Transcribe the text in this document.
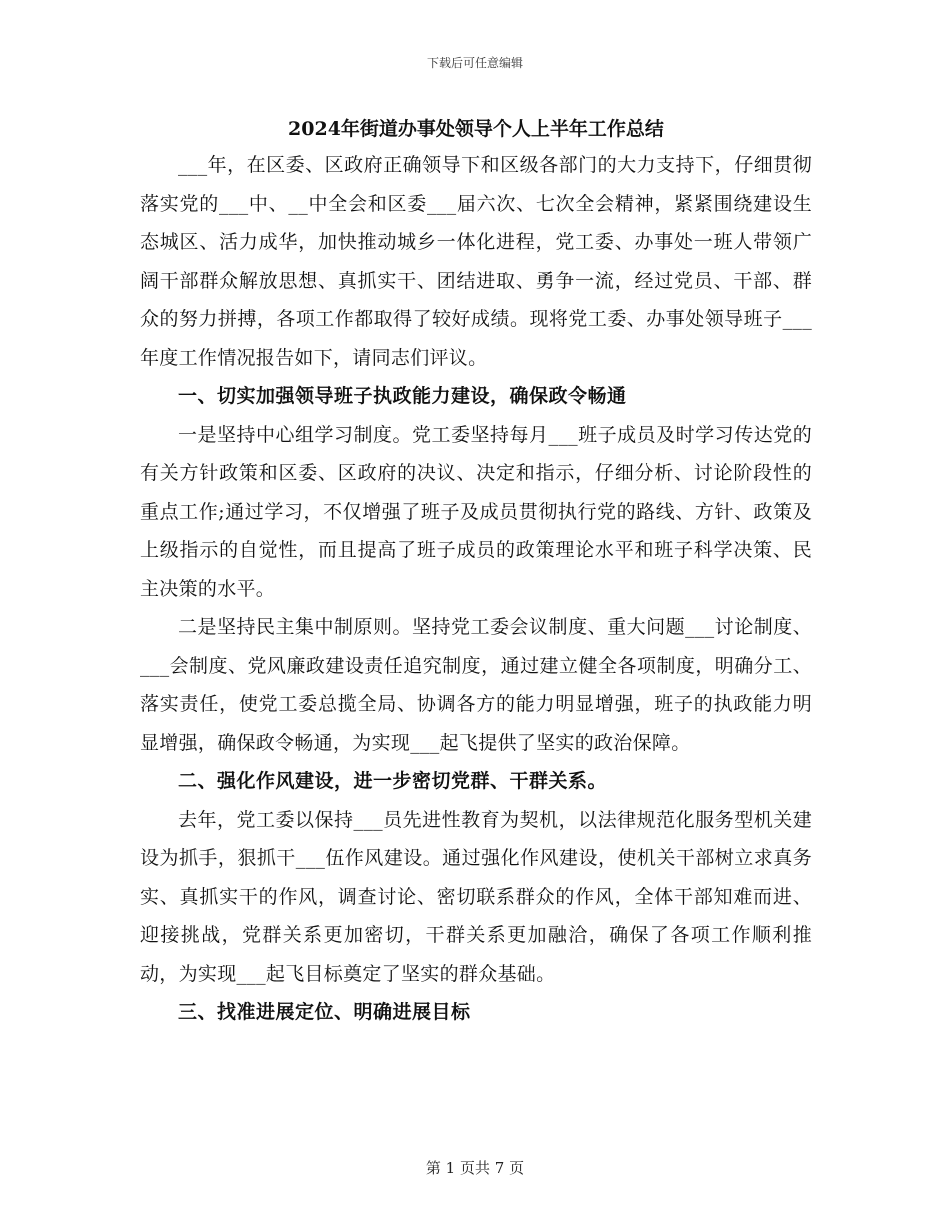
下载后可任意编辑
2024年街道办事处领导个人上半年工作总结

___年，在区委、区政府正确领导下和区级各部门的大力支持下，仔细贯彻落实党的___中、__中全会和区委___届六次、七次全会精神，紧紧围绕建设生态城区、活力成华，加快推动城乡一体化进程，党工委、办事处一班人带领广阔干部群众解放思想、真抓实干、团结进取、勇争一流，经过党员、干部、群众的努力拼搏，各项工作都取得了较好成绩。现将党工委、办事处领导班子___年度工作情况报告如下，请同志们评议。

一、切实加强领导班子执政能力建设，确保政令畅通

一是坚持中心组学习制度。党工委坚持每月___班子成员及时学习传达党的有关方针政策和区委、区政府的决议、决定和指示，仔细分析、讨论阶段性的重点工作;通过学习，不仅增强了班子及成员贯彻执行党的路线、方针、政策及上级指示的自觉性，而且提高了班子成员的政策理论水平和班子科学决策、民主决策的水平。

二是坚持民主集中制原则。坚持党工委会议制度、重大问题___讨论制度、___会制度、党风廉政建设责任追究制度，通过建立健全各项制度，明确分工、落实责任，使党工委总揽全局、协调各方的能力明显增强，班子的执政能力明显增强，确保政令畅通，为实现___起飞提供了坚实的政治保障。

二、强化作风建设，进一步密切党群、干群关系。

去年，党工委以保持___员先进性教育为契机，以法律规范化服务型机关建设为抓手，狠抓干___伍作风建设。通过强化作风建设，使机关干部树立求真务实、真抓实干的作风，调查讨论、密切联系群众的作风，全体干部知难而进、迎接挑战，党群关系更加密切，干群关系更加融洽，确保了各项工作顺利推动，为实现___起飞目标奠定了坚实的群众基础。

三、找准进展定位、明确进展目标

第 1 页共 7 页
